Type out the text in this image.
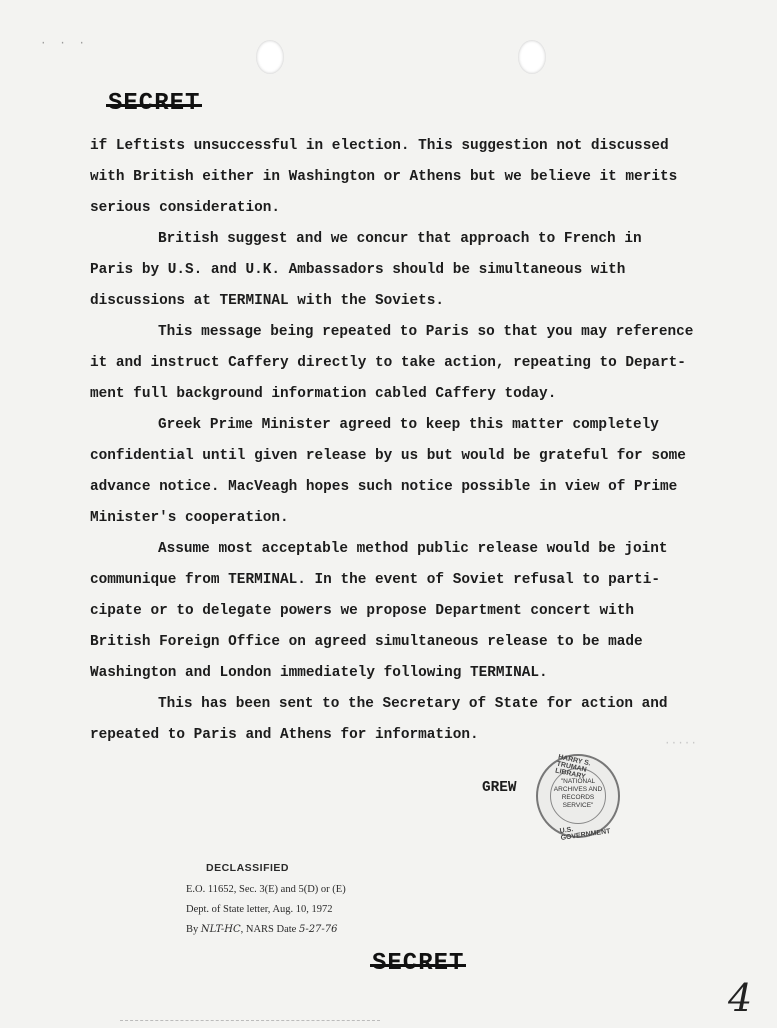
· · ·
SECRET
if Leftists unsuccessful in election. This suggestion not discussed
with British either in Washington or Athens but we believe it merits
serious consideration.
British suggest and we concur that approach to French in
Paris by U.S. and U.K. Ambassadors should be simultaneous with
discussions at TERMINAL with the Soviets.
This message being repeated to Paris so that you may reference
it and instruct Caffery directly to take action, repeating to Depart-
ment full background information cabled Caffery today.
Greek Prime Minister agreed to keep this matter completely
confidential until given release by us but would be grateful for some
advance notice. MacVeagh hopes such notice possible in view of Prime
Minister's cooperation.
Assume most acceptable method public release would be joint
communique from TERMINAL. In the event of Soviet refusal to parti-
cipate or to delegate powers we propose Department concert with
British Foreign Office on agreed simultaneous release to be made
Washington and London immediately following TERMINAL.
This has been sent to the Secretary of State for action and
repeated to Paris and Athens for information.
·····
HARRY S. TRUMAN LIBRARY
"NATIONAL ARCHIVES AND RECORDS SERVICE"
U.S. GOVERNMENT
GREW
DECLASSIFIED
E.O. 11652, Sec. 3(E) and 5(D) or (E)
Dept. of State letter, Aug. 10, 1972
By NLT-HC, NARS Date 5-27-76
SECRET
4
